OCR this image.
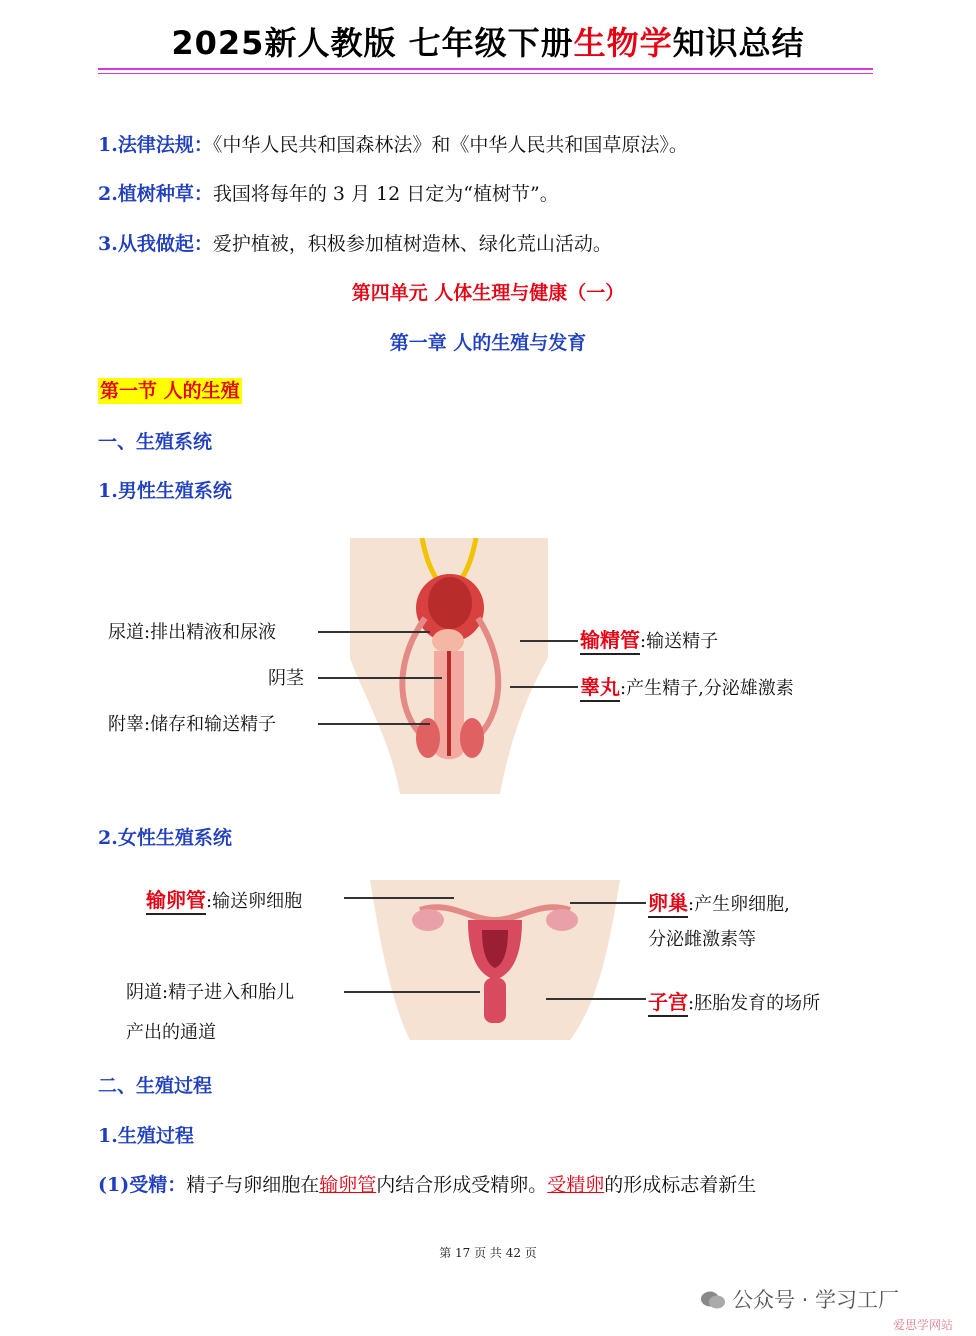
2025新人教版 七年级下册生物学知识总结
1.法律法规：《中华人民共和国森林法》和《中华人民共和国草原法》。
2.植树种草：我国将每年的 3 月 12 日定为“植树节”。
3.从我做起：爱护植被，积极参加植树造林、绿化荒山活动。
第四单元 人体生理与健康（一）
第一章 人的生殖与发育
第一节 人的生殖
一、生殖系统
1.男性生殖系统
尿道:排出精液和尿液
阴茎
附睾:储存和输送精子
输精管:输送精子
睾丸:产生精子,分泌雄激素
2.女性生殖系统
输卵管:输送卵细胞
阴道:精子进入和胎儿
产出的通道
卵巢:产生卵细胞,
分泌雌激素等
子宫:胚胎发育的场所
二、生殖过程
1.生殖过程
(1)受精：精子与卵细胞在输卵管内结合形成受精卵。受精卵的形成标志着新生
第 17 页 共 42 页
公众号 · 学习工厂
爱思学网站
